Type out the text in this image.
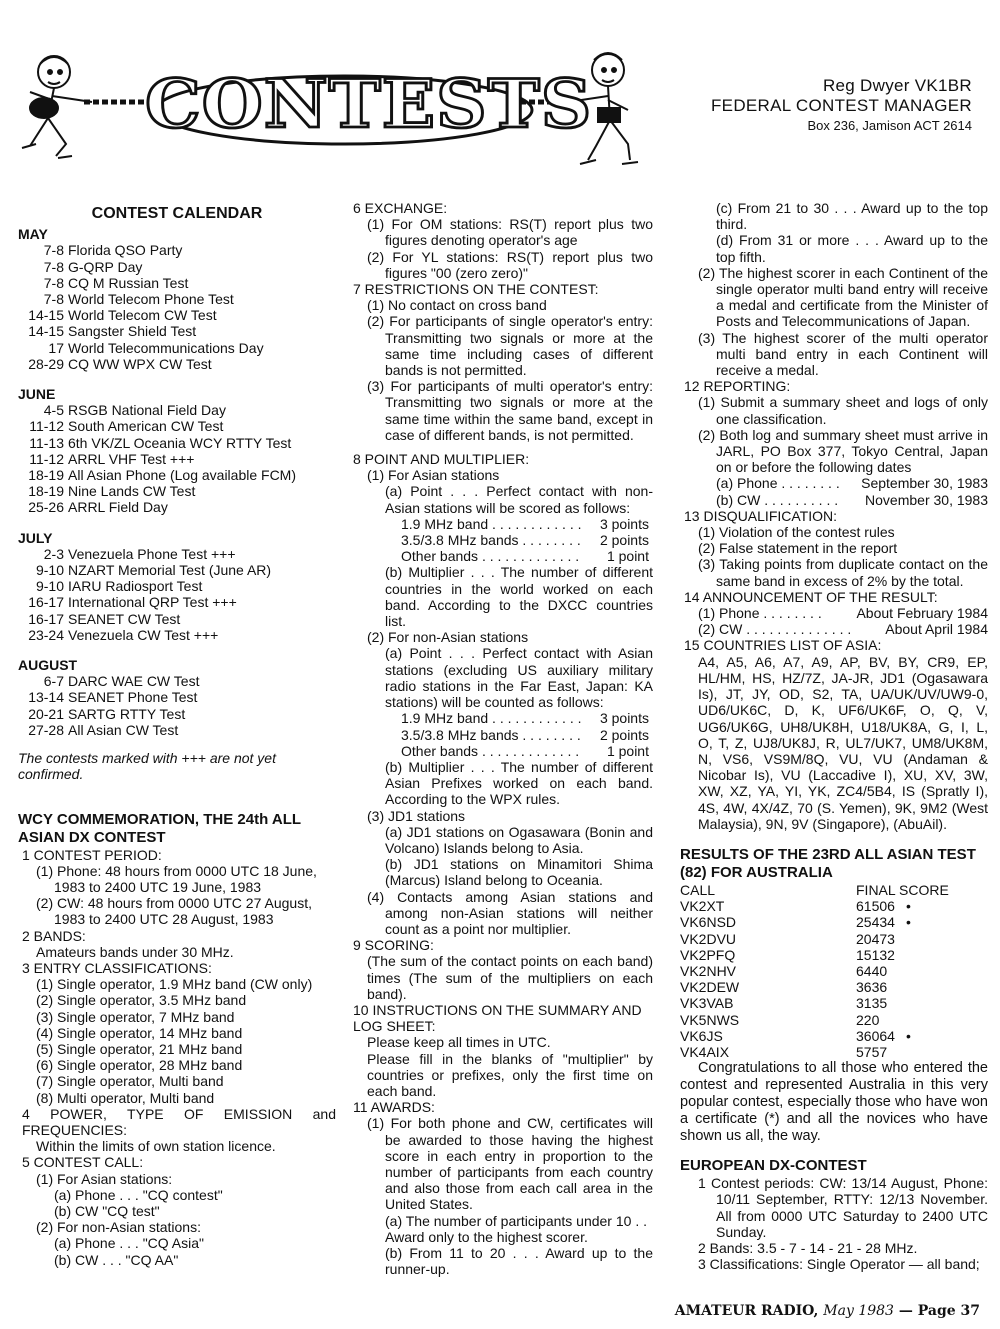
CONTESTS	Reg Dwyer VK1BR
FEDERAL CONTEST MANAGER
Box 236, Jamison ACT 2614
CONTEST CALENDAR
MAY
7-8 Florida QSO Party
7-8 G-QRP Day
7-8 CQ M Russian Test
7-8 World Telecom Phone Test
14-15 World Telecom CW Test
14-15 Sangster Shield Test
17 World Telecommunications Day
28-29 CQ WW WPX CW Test
JUNE
4-5 RSGB National Field Day
11-12 South American CW Test
11-13 6th VK/ZL Oceania WCY RTTY Test
11-12 ARRL VHF Test +++
18-19 All Asian Phone (Log available FCM)
18-19 Nine Lands CW Test
25-26 ARRL Field Day
JULY
2-3 Venezuela Phone Test +++
9-10 NZART Memorial Test (June AR)
9-10 IARU Radiosport Test
16-17 International QRP Test +++
16-17 SEANET CW Test
23-24 Venezuela CW Test +++
AUGUST
6-7 DARC WAE CW Test
13-14 SEANET Phone Test
20-21 SARTG RTTY Test
27-28 All Asian CW Test
The contests marked with +++ are not yet confirmed.
WCY COMMEMORATION, THE 24th ALL ASIAN DX CONTEST
1 CONTEST PERIOD:
(1) Phone: 48 hours from 0000 UTC 18 June, 1983 to 2400 UTC 19 June, 1983
(2) CW: 48 hours from 0000 UTC 27 August, 1983 to 2400 UTC 28 August, 1983
2 BANDS:
Amateurs bands under 30 MHz.
3 ENTRY CLASSIFICATIONS:
(1) Single operator, 1.9 MHz band (CW only)
(2) Single operator, 3.5 MHz band
(3) Single operator, 7 MHz band
(4) Single operator, 14 MHz band
(5) Single operator, 21 MHz band
(6) Single operator, 28 MHz band
(7) Single operator, Multi band
(8) Multi operator, Multi band
4 POWER, TYPE OF EMISSION and FREQUENCIES:
Within the limits of own station licence.
5 CONTEST CALL:
(1) For Asian stations:
(a) Phone . . . "CQ contest"
(b) CW "CQ test"
(2) For non-Asian stations:
(a) Phone . . . "CQ Asia"
(b) CW . . . "CQ AA"
6 EXCHANGE:
(1) For OM stations: RS(T) report plus two figures denoting operator's age
(2) For YL stations: RS(T) report plus two figures "00 (zero zero)"
7 RESTRICTIONS ON THE CONTEST:
(1) No contact on cross band
(2) For participants of single operator's entry: Transmitting two signals or more at the same time including cases of different bands is not permitted.
(3) For participants of multi operator's entry: Transmitting two signals or more at the same time within the same band, except in case of different bands, is not permitted.
8 POINT AND MULTIPLIER:
(1) For Asian stations
(a) Point . . . Perfect contact with non-Asian stations will be scored as follows:
1.9 MHz band . . . . . . . . . . . .	3 points
3.5/3.8 MHz bands . . . . . . . .	2 points
Other bands . . . . . . . . . . . . .	1 point
(b) Multiplier . . . The number of different countries in the world worked on each band. According to the DXCC countries list.
(2) For non-Asian stations
(a) Point . . . Perfect contact with Asian stations (excluding US auxiliary military radio stations in the Far East, Japan: KA stations) will be counted as follows:
1.9 MHz band . . . . . . . . . . . .	3 points
3.5/3.8 MHz bands . . . . . . . .	2 points
Other bands . . . . . . . . . . . . .	1 point
(b) Multiplier . . . The number of different Asian Prefixes worked on each band. According to the WPX rules.
(3) JD1 stations
(a) JD1 stations on Ogasawara (Bonin and Volcano) Islands belong to Asia.
(b) JD1 stations on Minamitori Shima (Marcus) Island belong to Oceania.
(4) Contacts among Asian stations and among non-Asian stations will neither count as a point nor multiplier.
9 SCORING:
(The sum of the contact points on each band) times (The sum of the multipliers on each band).
10 INSTRUCTIONS ON THE SUMMARY AND LOG SHEET:
Please keep all times in UTC.
Please fill in the blanks of "multiplier" by countries or prefixes, only the first time on each band.
11 AWARDS:
(1) For both phone and CW, certificates will be awarded to those having the highest score in each entry in proportion to the number of participants from each country and also those from each call area in the United States.
(a) The number of participants under 10 . . Award only to the highest scorer.
(b) From 11 to 20 . . . Award up to the runner-up.
(c) From 21 to 30 . . . Award up to the top third.
(d) From 31 or more . . . Award up to the top fifth.
(2) The highest scorer in each Continent of the single operator multi band entry will receive a medal and certificate from the Minister of Posts and Telecommunications of Japan.
(3) The highest scorer of the multi operator multi band entry in each Continent will receive a medal.
12 REPORTING:
(1) Submit a summary sheet and logs of only one classification.
(2) Both log and summary sheet must arrive in JARL, PO Box 377, Tokyo Central, Japan on or before the following dates
(a) Phone . . . . . . . .	September 30, 1983
(b) CW . . . . . . . . . .	November 30, 1983
13 DISQUALIFICATION:
(1) Violation of the contest rules
(2) False statement in the report
(3) Taking points from duplicate contact on the same band in excess of 2% by the total.
14 ANNOUNCEMENT OF THE RESULT:
(1) Phone . . . . . . . .	About February 1984
(2) CW . . . . . . . . . . . . . .	About April 1984
15 COUNTRIES LIST OF ASIA:
A4, A5, A6, A7, A9, AP, BV, BY, CR9, EP, HL/HM, HS, HZ/7Z, JA-JR, JD1 (Ogasawara Is), JT, JY, OD, S2, TA, UA/UK/UV/UW9-0, UD6/UK6C, D, K, UF6/UK6F, O, Q, V, UG6/UK6G, UH8/UK8H, U18/UK8A, G, I, L, O, T, Z, UJ8/UK8J, R, UL7/UK7, UM8/UK8M, N, VS6, VS9M/8Q, VU, VU (Andaman & Nicobar Is), VU (Laccadive I), XU, XV, 3W, XW, XZ, YA, YI, YK, ZC4/5B4, IS (Spratly I), 4S, 4W, 4X/4Z, 70 (S. Yemen), 9K, 9M2 (West Malaysia), 9N, 9V (Singapore), (AbuAil).
RESULTS OF THE 23RD ALL ASIAN TEST (82) FOR AUSTRALIA
CALL	FINAL SCORE
VK2XT	61506 •
VK6NSD	25434 •
VK2DVU	20473
VK2PFQ	15132
VK2NHV	6440
VK2DEW	3636
VK3VAB	3135
VK5NWS	220
VK6JS	36064 •
VK4AIX	5757
Congratulations to all those who entered the contest and represented Australia in this very popular contest, especially those who have won a certificate (*) and all the novices who have shown us all, the way.
EUROPEAN DX-CONTEST
1 Contest periods: CW: 13/14 August, Phone: 10/11 September, RTTY: 12/13 November. All from 0000 UTC Saturday to 2400 UTC Sunday.
2 Bands: 3.5 - 7 - 14 - 21 - 28 MHz.
3 Classifications: Single Operator — all band;
AMATEUR RADIO, May 1983 — Page 37
